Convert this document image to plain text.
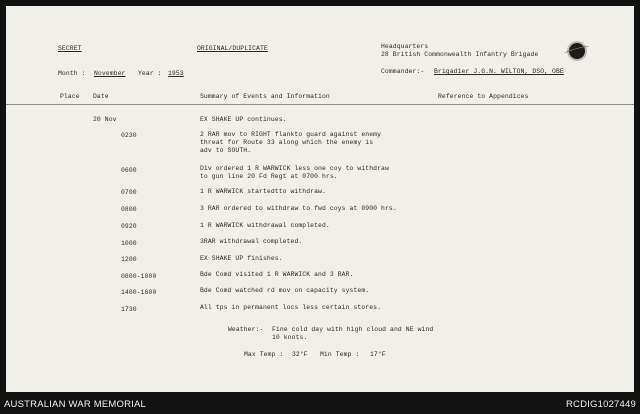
SECRET	ORIGINAL/DUPLICATE	Headquarters
28 British Commonwealth Infantry Brigade
Month : November Year : 1953	Commander:- Brigadier J.G.N. WILTON, DSO, OBE
Place Date	Summary of Events and Information	Reference to Appendices
20 Nov	EX SHAKE UP continues.
0230	2 RAR mov to RIGHT flankto guard against enemy
threat for Route 33 along which the enemy is
adv to SOUTH.
0600	Div ordered 1 R WARWICK less one coy to withdraw
to gun line 20 Fd Regt at 0700 hrs.
0700	1 R WARWICK startedtto withdraw.
0800	3 RAR ordered to withdraw to fwd coys at 0900 hrs.
0920	1 R WARWICK withdrawal completed.
1000	3RAR withdrawal completed.
1200	EX SHAKE UP finishes.
0800-1000	Bde Comd visited 1 R WARWICK and 3 RAR.
1400-1600	Bde Comd watched rd mov on capacity system.
1730	All tps in permanent locs less certain stores.
Weather:- Fine cold day with high cloud and NE wind
10 knots.
Max Temp : 32°F Min Temp : 17°F
AUSTRALIAN WAR MEMORIAL	RCDIG1027449
